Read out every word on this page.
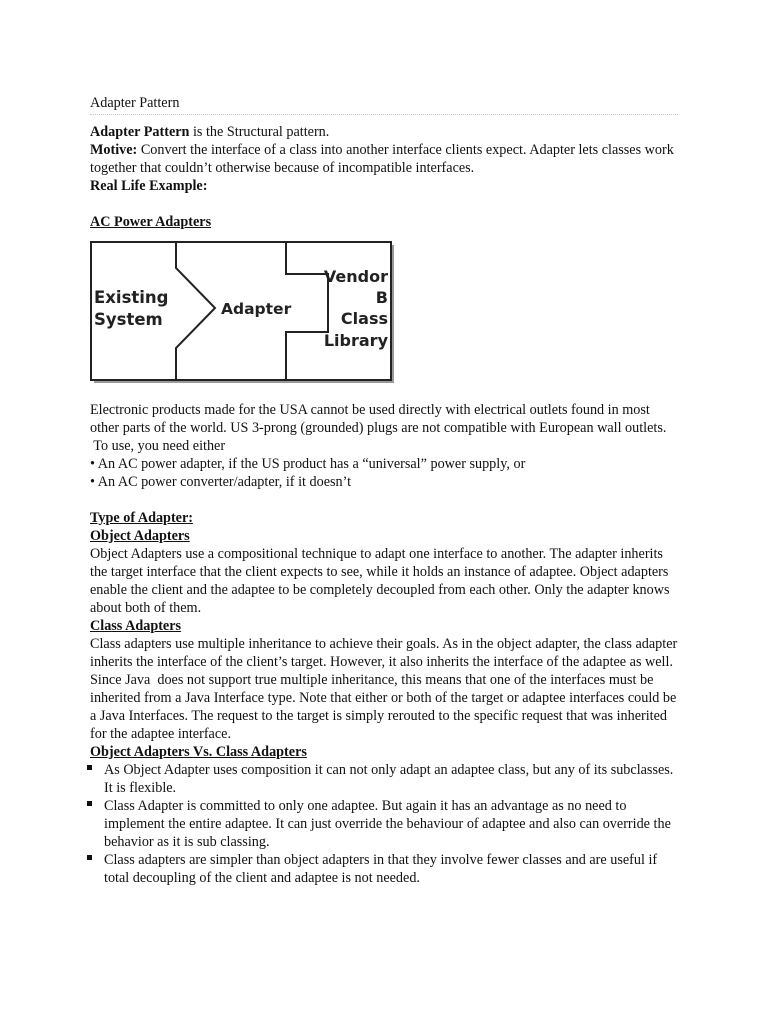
Adapter Pattern

Adapter Pattern is the Structural pattern.

Motive: Convert the interface of a class into another interface clients expect. Adapter lets classes work together that couldn’t otherwise because of incompatible interfaces.

Real Life Example:

AC Power Adapters

Existing
System
Adapter
Vendor
B
Class
Library

Electronic products made for the USA cannot be used directly with electrical outlets found in most other parts of the world. US 3-prong (grounded) plugs are not compatible with European wall outlets.

To use, you need either

• An AC power adapter, if the US product has a “universal” power supply, or

• An AC power converter/adapter, if it doesn’t

Type of Adapter:

Object Adapters

Object Adapters use a compositional technique to adapt one interface to another. The adapter inherits the target interface that the client expects to see, while it holds an instance of adaptee. Object adapters enable the client and the adaptee to be completely decoupled from each other. Only the adapter knows about both of them.

Class Adapters

Class adapters use multiple inheritance to achieve their goals. As in the object adapter, the class adapter inherits the interface of the client’s target. However, it also inherits the interface of the adaptee as well. Since Java  does not support true multiple inheritance, this means that one of the interfaces must be inherited from a Java Interface type. Note that either or both of the target or adaptee interfaces could be a Java Interfaces. The request to the target is simply rerouted to the specific request that was inherited for the adaptee interface.

Object Adapters Vs. Class Adapters

As Object Adapter uses composition it can not only adapt an adaptee class, but any of its subclasses. It is flexible.
Class Adapter is committed to only one adaptee. But again it has an advantage as no need to implement the entire adaptee. It can just override the behaviour of adaptee and also can override the behavior as it is sub classing.
Class adapters are simpler than object adapters in that they involve fewer classes and are useful if total decoupling of the client and adaptee is not needed.
